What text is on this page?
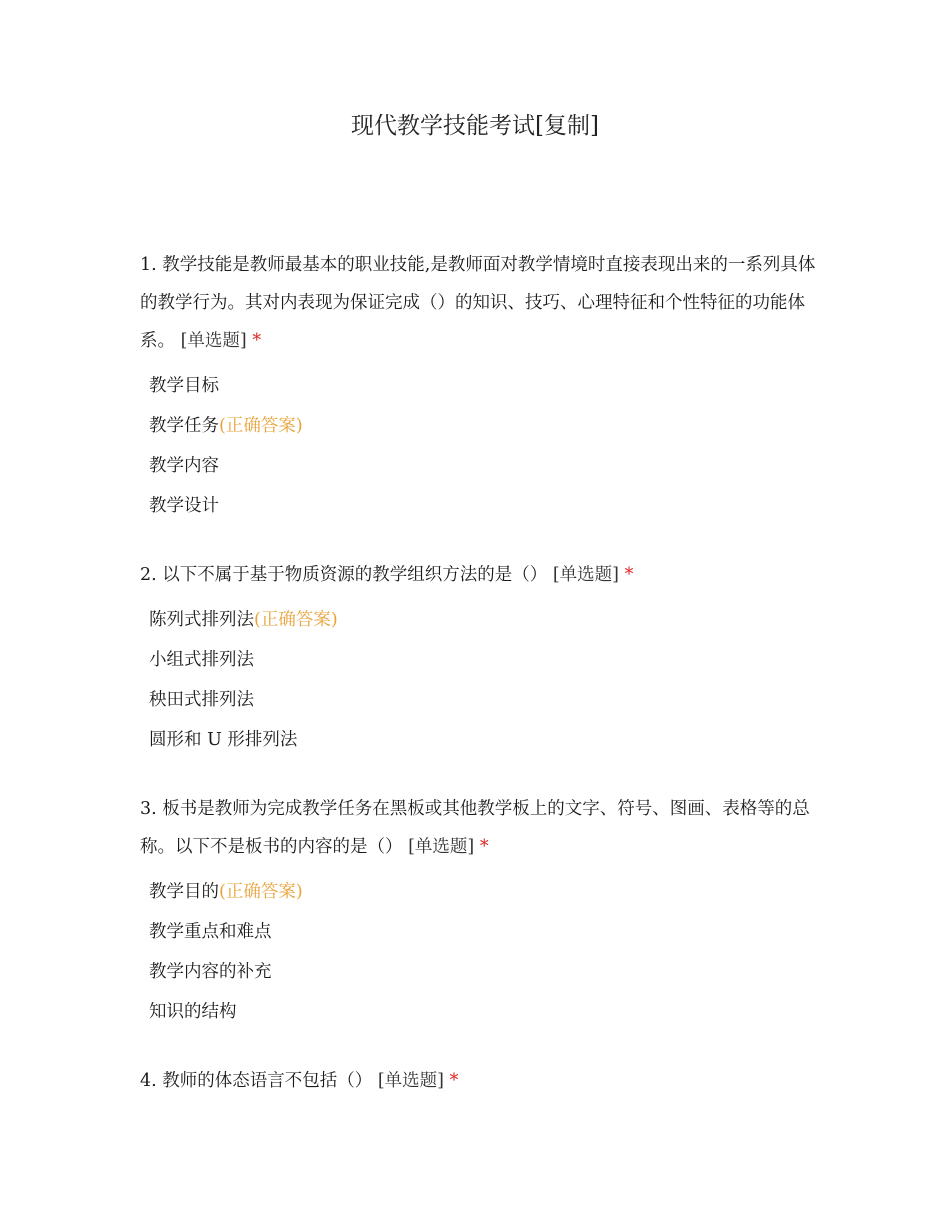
现代教学技能考试[复制]
1. 教学技能是教师最基本的职业技能,是教师面对教学情境时直接表现出来的一系列具体的教学行为。其对内表现为保证完成（）的知识、技巧、心理特征和个性特征的功能体系。 [单选题] *
教学目标
教学任务(正确答案)
教学内容
教学设计
2. 以下不属于基于物质资源的教学组织方法的是（） [单选题] *
陈列式排列法(正确答案)
小组式排列法
秧田式排列法
圆形和 U 形排列法
3. 板书是教师为完成教学任务在黑板或其他教学板上的文字、符号、图画、表格等的总称。以下不是板书的内容的是（） [单选题] *
教学目的(正确答案)
教学重点和难点
教学内容的补充
知识的结构
4. 教师的体态语言不包括（） [单选题] *
